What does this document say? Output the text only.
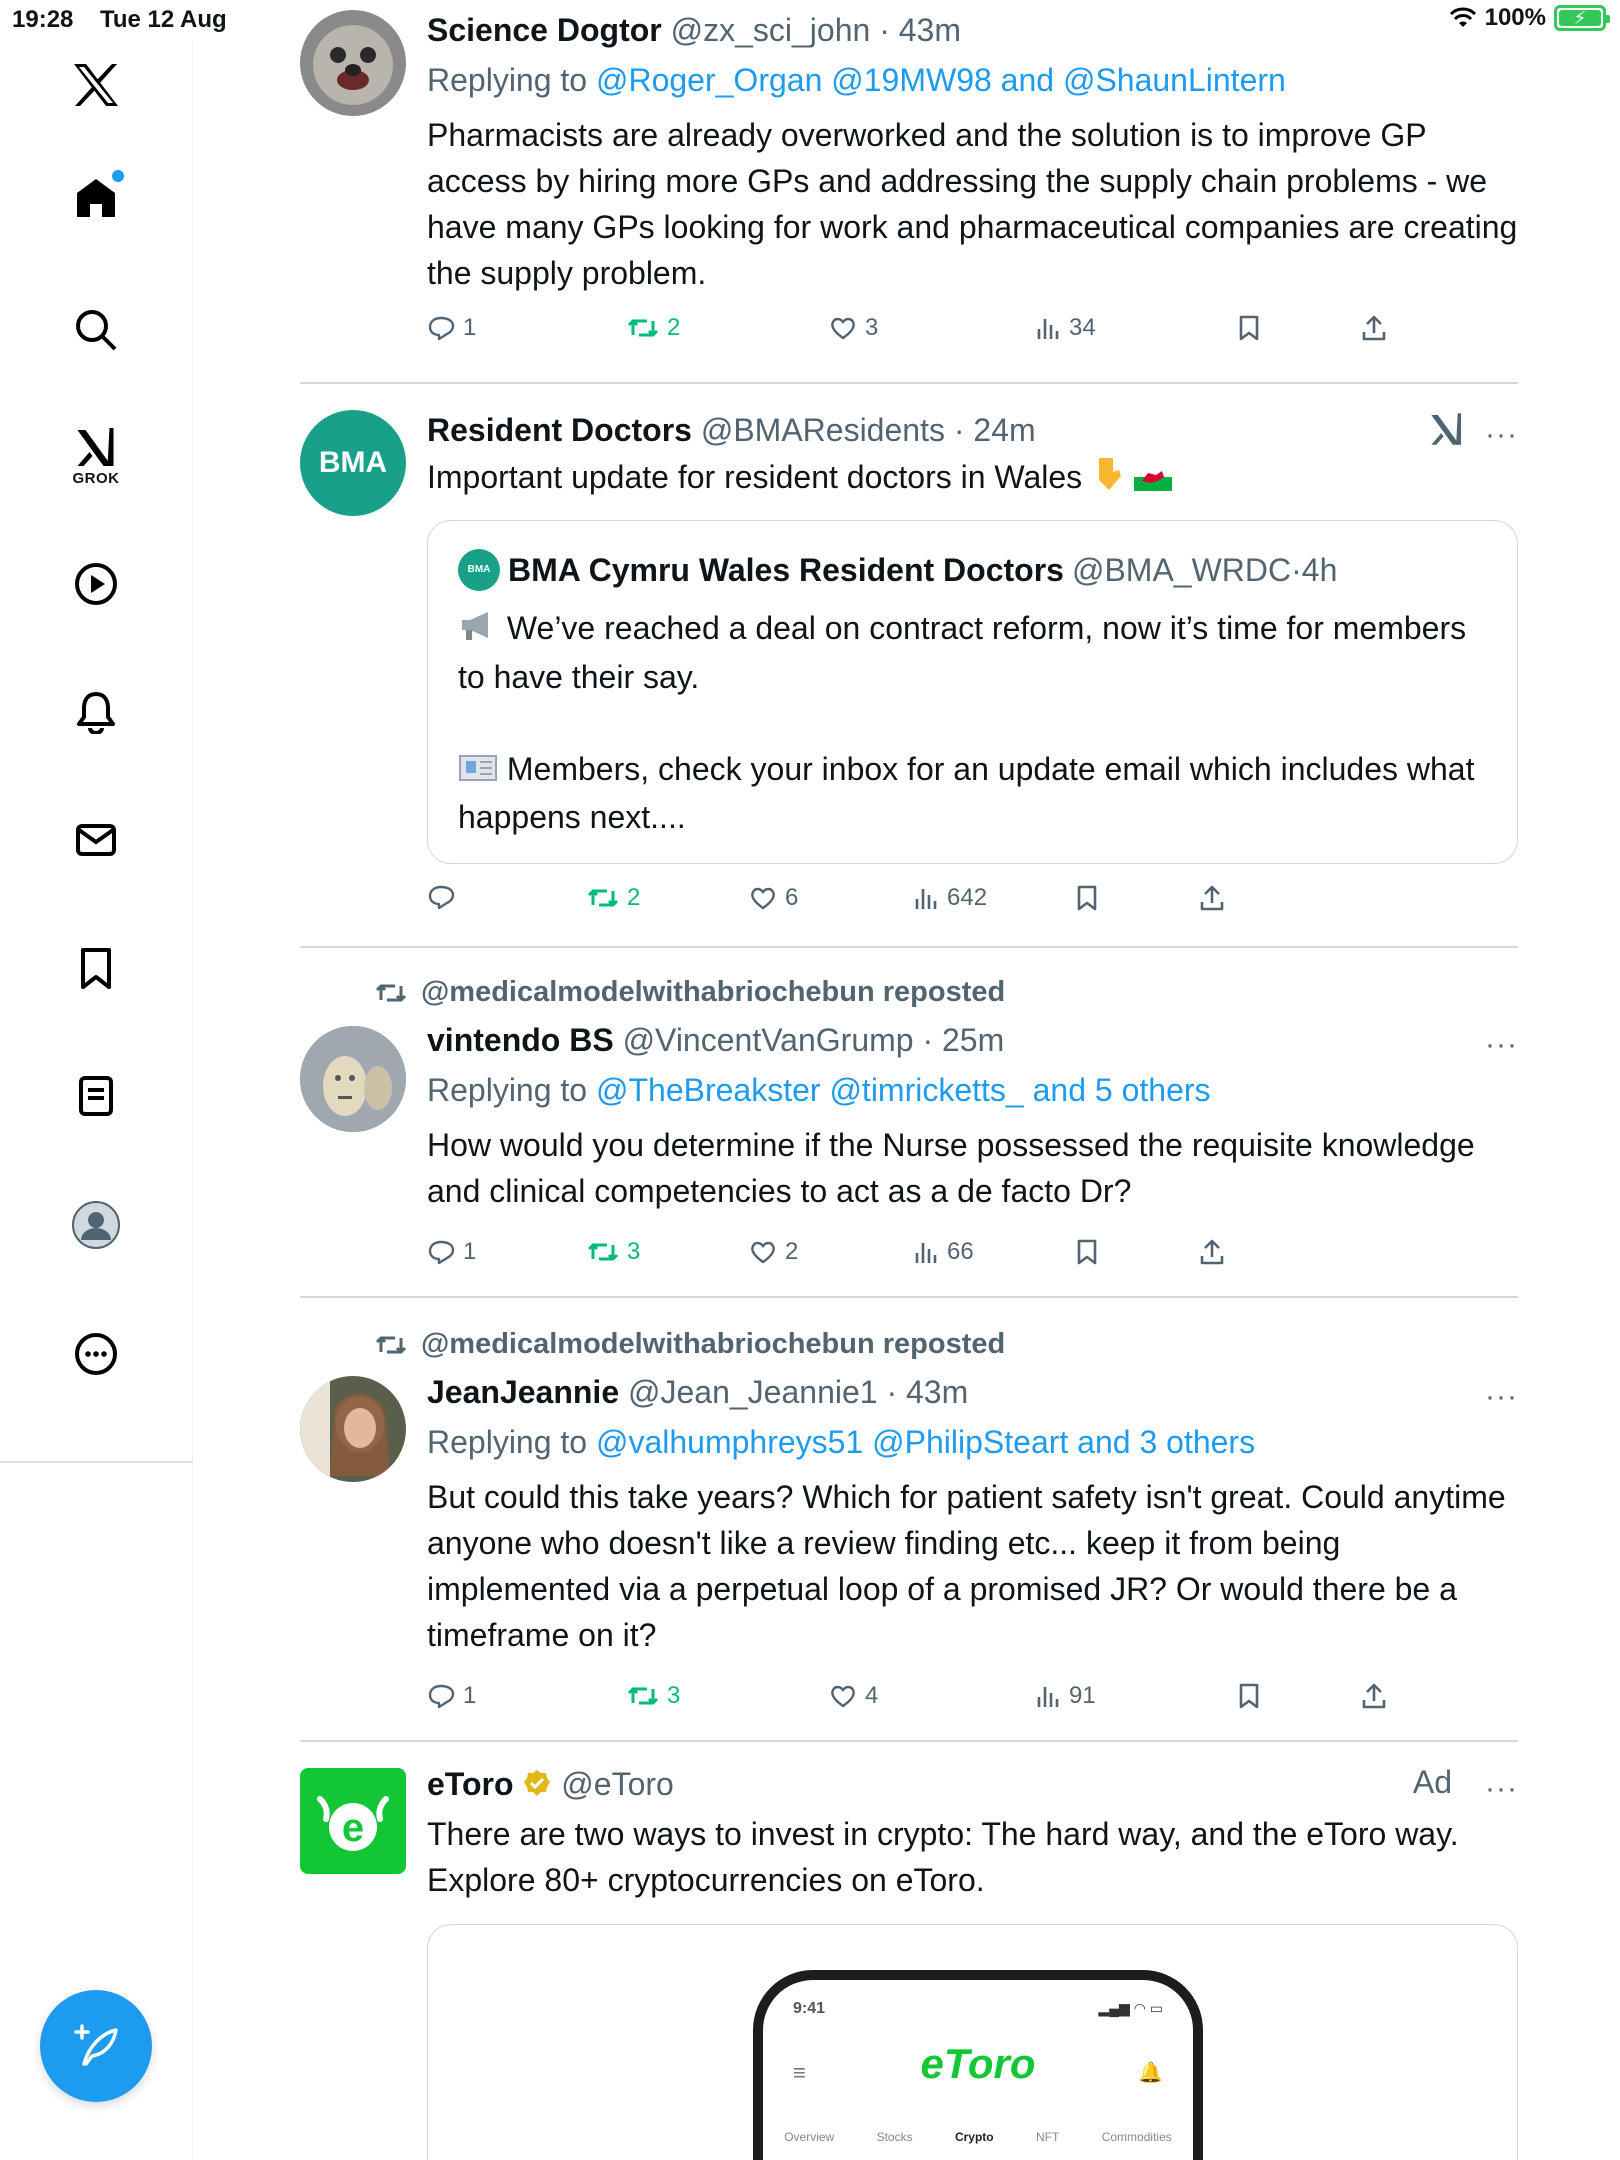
19:28 Tue 12 Aug	100% ⚡
GROK
Science Dogtor @zx_sci_john · 43m
Replying to @Roger_Organ @19MW98 and @ShaunLintern
Pharmacists are already overworked and the solution is to improve GP access by hiring more GPs and addressing the supply chain problems - we have many GPs looking for work and pharmaceutical companies are creating the supply problem.
BMA
Resident Doctors @BMAResidents · 24m	···
Important update for resident doctors in Wales
BMA BMA Cymru Wales Resident Doctors @BMA_WRDC · 4h
We’ve reached a deal on contract reform, now it’s time for members to have their say.
Members, check your inbox for an update email which includes what happens next....
@medicalmodelwithabriochebun reposted
vintendo BS @VincentVanGrump · 25m	···
Replying to @TheBreakster @timricketts_ and 5 others
How would you determine if the Nurse possessed the requisite knowledge and clinical competencies to act as a de facto Dr?
@medicalmodelwithabriochebun reposted
JeanJeannie @Jean_Jeannie1 · 43m	···
Replying to @valhumphreys51 @PhilipSteart and 3 others
But could this take years? Which for patient safety isn't great. Could anytime anyone who doesn't like a review finding etc... keep it from being implemented via a perpetual loop of a promised JR? Or would there be a timeframe on it?
e
eToro @eToro	Ad ···
There are two ways to invest in crypto: The hard way, and the eToro way. Explore 80+ cryptocurrencies on eToro.
1	2	3	34
2	6	642
1	3	2	66
1	3	4	91
9:41	▂▄▆ ◠ ▭
≡	eToro	🔔
Overview	Stocks	Crypto	NFT	Commodities
